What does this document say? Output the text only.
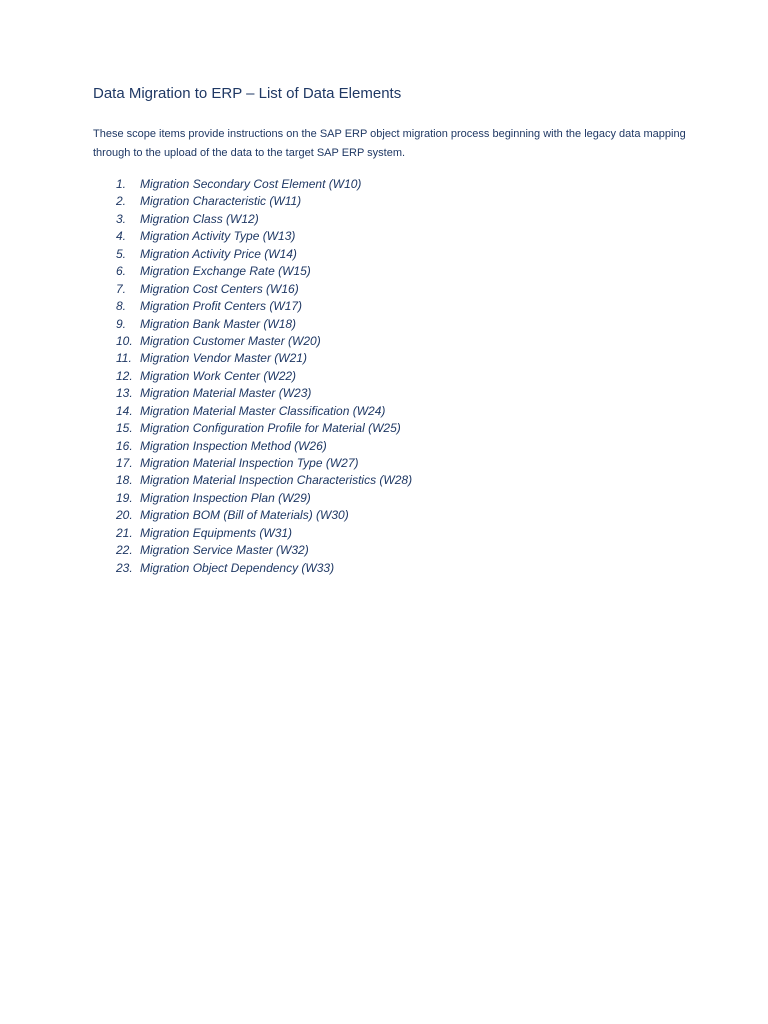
Data Migration to ERP – List of Data Elements
These scope items provide instructions on the SAP ERP object migration process beginning with the legacy data mapping through to the upload of the data to the target SAP ERP system.
1.	Migration Secondary Cost Element (W10)
2.	Migration Characteristic (W11)
3.	Migration Class (W12)
4.	Migration Activity Type (W13)
5.	Migration Activity Price (W14)
6.	Migration Exchange Rate (W15)
7.	Migration Cost Centers (W16)
8.	Migration Profit Centers (W17)
9.	Migration Bank Master (W18)
10. Migration Customer Master (W20)
11. Migration Vendor Master (W21)
12. Migration Work Center (W22)
13. Migration Material Master (W23)
14. Migration Material Master Classification (W24)
15. Migration Configuration Profile for Material (W25)
16. Migration Inspection Method (W26)
17. Migration Material Inspection Type (W27)
18. Migration Material Inspection Characteristics (W28)
19. Migration Inspection Plan (W29)
20. Migration BOM (Bill of Materials) (W30)
21. Migration Equipments (W31)
22. Migration Service Master (W32)
23. Migration Object Dependency (W33)
